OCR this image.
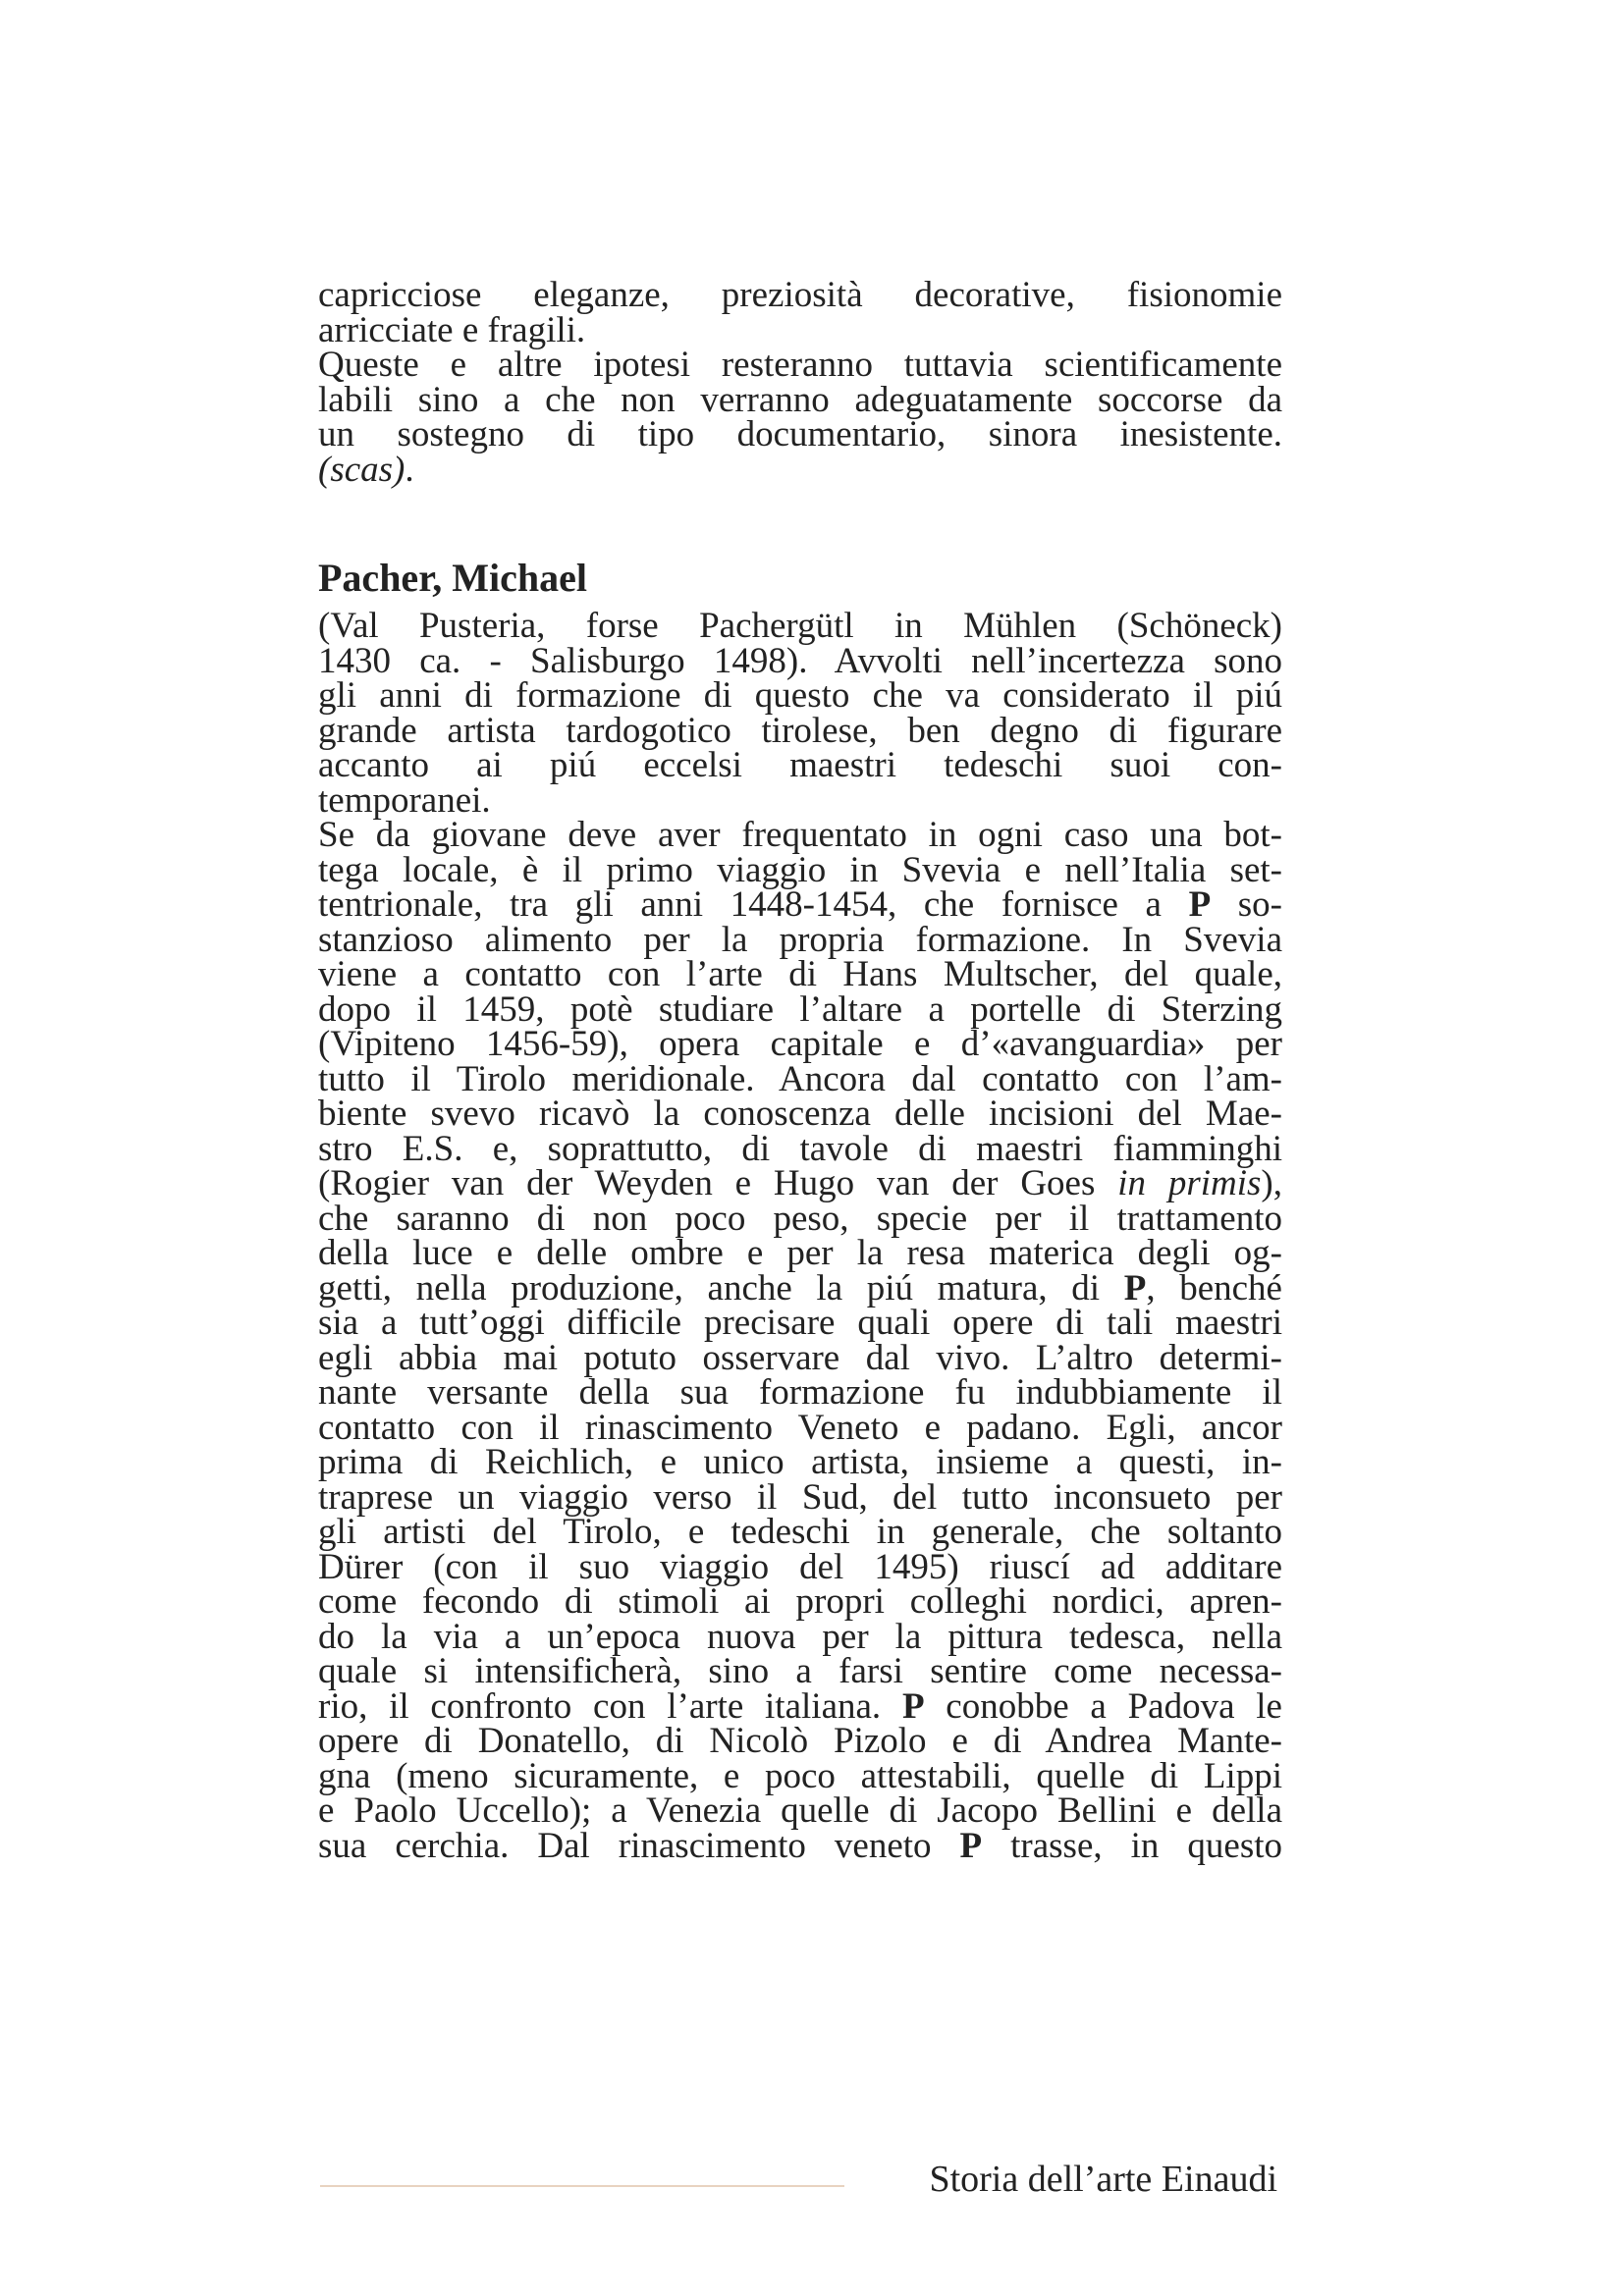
capricciose eleganze, preziosità decorative, fisionomie
arricciate e fragili.
Queste e altre ipotesi resteranno tuttavia scientificamente
labili sino a che non verranno adeguatamente soccorse da
un sostegno di tipo documentario, sinora inesistente.
(scas).

Pacher, Michael

(Val Pusteria, forse Pachergütl in Mühlen (Schöneck)
1430 ca. - Salisburgo 1498). Avvolti nell’incertezza sono
gli anni di formazione di questo che va considerato il piú
grande artista tardogotico tirolese, ben degno di figurare
accanto ai piú eccelsi maestri tedeschi suoi con-
temporanei.

Se da giovane deve aver frequentato in ogni caso una bot-
tega locale, è il primo viaggio in Svevia e nell’Italia set-
tentrionale, tra gli anni 1448-1454, che fornisce a P so-
stanzioso alimento per la propria formazione. In Svevia
viene a contatto con l’arte di Hans Multscher, del quale,
dopo il 1459, potè studiare l’altare a portelle di Sterzing
(Vipiteno 1456-59), opera capitale e d’«avanguardia» per
tutto il Tirolo meridionale. Ancora dal contatto con l’am-
biente svevo ricavò la conoscenza delle incisioni del Mae-
stro E.S. e, soprattutto, di tavole di maestri fiamminghi
(Rogier van der Weyden e Hugo van der Goes in primis),
che saranno di non poco peso, specie per il trattamento
della luce e delle ombre e per la resa materica degli og-
getti, nella produzione, anche la piú matura, di P, benché
sia a tutt’oggi difficile precisare quali opere di tali maestri
egli abbia mai potuto osservare dal vivo. L’altro determi-
nante versante della sua formazione fu indubbiamente il
contatto con il rinascimento Veneto e padano. Egli, ancor
prima di Reichlich, e unico artista, insieme a questi, in-
traprese un viaggio verso il Sud, del tutto inconsueto per
gli artisti del Tirolo, e tedeschi in generale, che soltanto
Dürer (con il suo viaggio del 1495) riuscí ad additare
come fecondo di stimoli ai propri colleghi nordici, apren-
do la via a un’epoca nuova per la pittura tedesca, nella
quale si intensificherà, sino a farsi sentire come necessa-
rio, il confronto con l’arte italiana. P conobbe a Padova le
opere di Donatello, di Nicolò Pizolo e di Andrea Mante-
gna (meno sicuramente, e poco attestabili, quelle di Lippi
e Paolo Uccello); a Venezia quelle di Jacopo Bellini e della
sua cerchia. Dal rinascimento veneto P trasse, in questo

Storia dell’arte Einaudi
